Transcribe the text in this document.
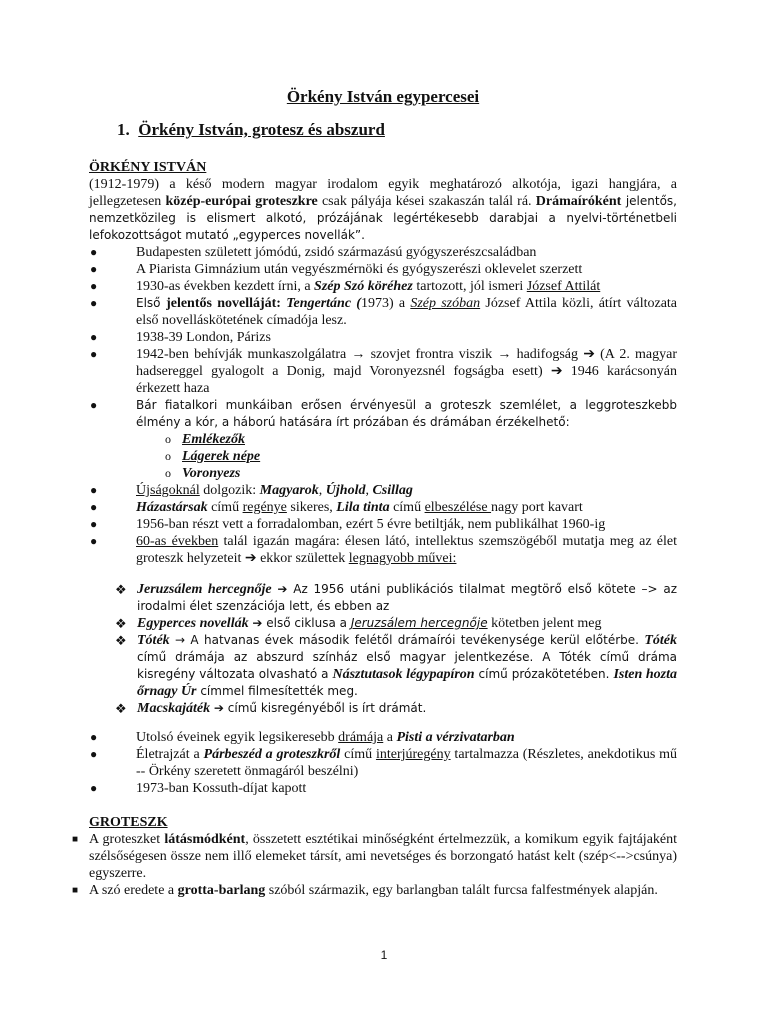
Örkény István egypercesei
1. Örkény István, grotesz és abszurd

ÖRKÉNY ISTVÁN

(1912-1979) a késő modern magyar irodalom egyik meghatározó alkotója, igazi hangjára, a jellegzetesen közép-európai groteszkre csak pályája kései szakaszán talál rá. Drámaíróként jelentős, nemzetközileg is elismert alkotó, prózájának legértékesebb darabjai a nyelvi-történetbeli lefokozottságot mutató „egyperces novellák”.

●	Budapesten született jómódú, zsidó származású gyógyszerészcsaládban
●	A Piarista Gimnázium után vegyészmérnöki és gyógyszerészi oklevelet szerzett
●	1930-as években kezdett írni, a Szép Szó köréhez tartozott, jól ismeri József Attilát
●	Első jelentős novelláját: Tengertánc (1973) a Szép szóban József Attila közli, átírt változata első novelláskötetének címadója lesz.
●	1938-39 London, Párizs
●	1942-ben behívják munkaszolgálatra → szovjet frontra viszik → hadifogság ➔ (A 2. magyar hadsereggel gyalogolt a Donig, majd Voronyezsnél fogságba esett) ➔ 1946 karácsonyán érkezett haza
●	Bár fiatalkori munkáiban erősen érvényesül a groteszk szemlélet, a leggroteszkebb élmény a kór, a háború hatására írt prózában és drámában érzékelhető:
o Emlékezők
o Lágerek népe
o Voronyezs
●	Újságoknál dolgozik: Magyarok, Újhold, Csillag
●	Házastársak című regénye sikeres, Lila tinta című elbeszélése nagy port kavart
●	1956-ban részt vett a forradalomban, ezért 5 évre betiltják, nem publikálhat 1960-ig
●	60-as években talál igazán magára: élesen látó, intellektus szemszögéből mutatja meg az élet groteszk helyzeteit ➔ ekkor születtek legnagyobb művei:
❖ Jeruzsálem hercegnője ➔ Az 1956 utáni publikációs tilalmat megtörő első kötete –> az irodalmi élet szenzációja lett, és ebben az
❖ Egyperces novellák ➔ első ciklusa a Jeruzsálem hercegnője kötetben jelent meg
❖ Tóték → A hatvanas évek második felétől drámaírói tevékenysége kerül előtérbe. Tóték című drámája az abszurd színház első magyar jelentkezése. A Tóték című dráma kisregény változata olvasható a Násztutasok légypapíron című prózakötetében. Isten hozta őrnagy Úr címmel filmesítették meg.
❖ Macskajáték ➔ című kisregényéből is írt drámát.
●	Utolsó éveinek egyik legsikeresebb drámája a Pisti a vérzivatarban
●	Életrajzát a Párbeszéd a groteszkről című interjúregény tartalmazza (Részletes, anekdotikus mű -- Örkény szeretett önmagáról beszélni)
●	1973-ban Kossuth-díjat kapott

GROTESZK

■ A groteszket látásmódként, összetett esztétikai minőségként értelmezzük, a komikum egyik fajtájaként szélsőségesen össze nem illő elemeket társít, ami nevetséges és borzongató hatást kelt (szép<-->csúnya) egyszerre.
■ A szó eredete a grotta-barlang szóból származik, egy barlangban talált furcsa falfestmények alapján.
1
